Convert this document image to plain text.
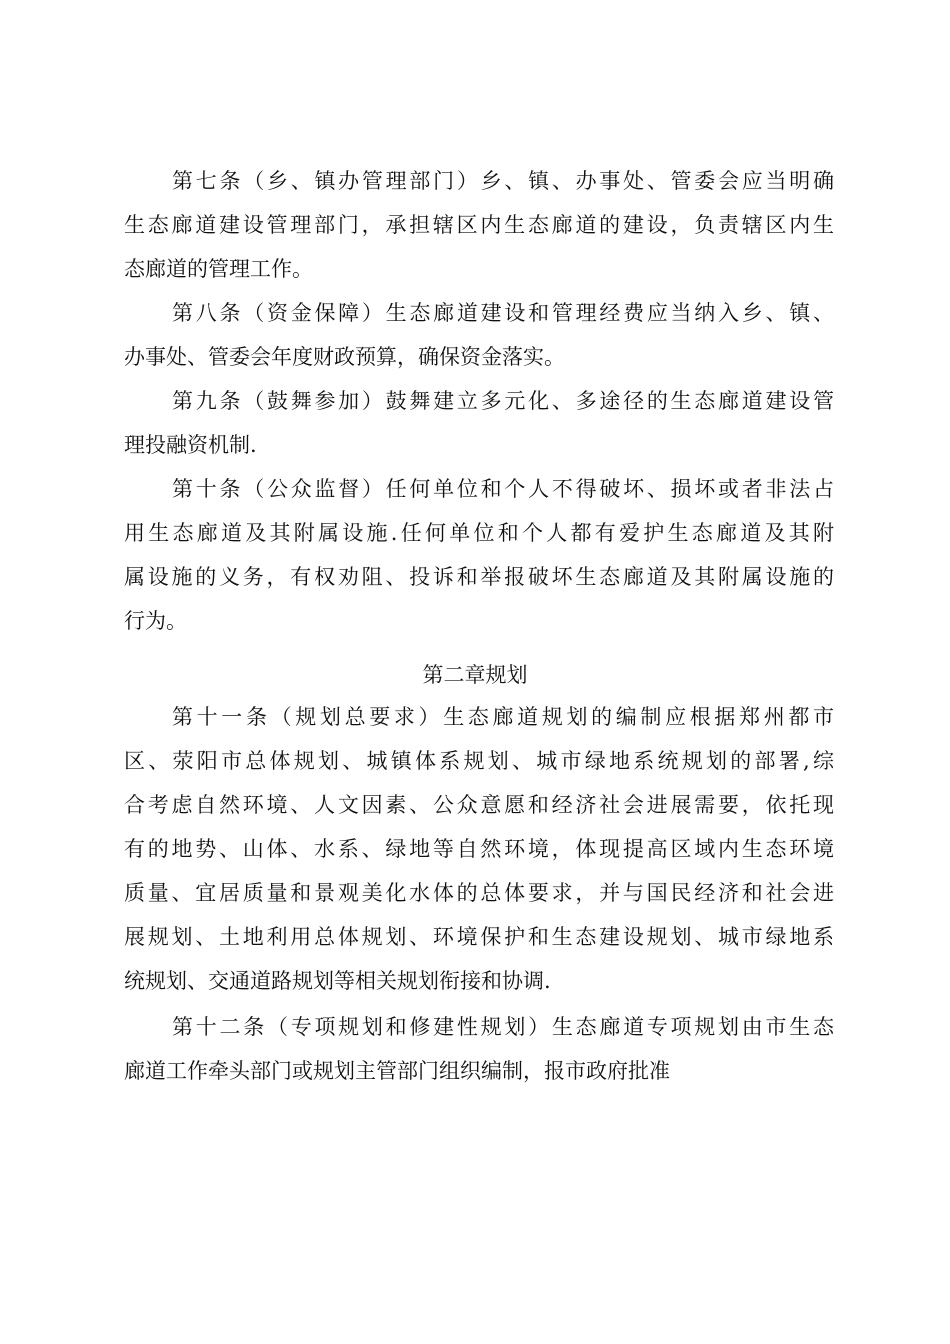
第七条（乡、镇办管理部门）乡、镇、办事处、管委会应当明确
生态廊道建设管理部门，承担辖区内生态廊道的建设，负责辖区内生
态廊道的管理工作。
第八条（资金保障）生态廊道建设和管理经费应当纳入乡、镇、
办事处、管委会年度财政预算，确保资金落实。
第九条（鼓舞参加）鼓舞建立多元化、多途径的生态廊道建设管
理投融资机制.
第十条（公众监督）任何单位和个人不得破坏、损坏或者非法占
用生态廊道及其附属设施.任何单位和个人都有爱护生态廊道及其附
属设施的义务，有权劝阻、投诉和举报破坏生态廊道及其附属设施的
行为。
第二章规划
第十一条（规划总要求）生态廊道规划的编制应根据郑州都市
区、荥阳市总体规划、城镇体系规划、城市绿地系统规划的部署,综
合考虑自然环境、人文因素、公众意愿和经济社会进展需要，依托现
有的地势、山体、水系、绿地等自然环境，体现提高区域内生态环境
质量、宜居质量和景观美化水体的总体要求，并与国民经济和社会进
展规划、土地利用总体规划、环境保护和生态建设规划、城市绿地系
统规划、交通道路规划等相关规划衔接和协调.
第十二条（专项规划和修建性规划）生态廊道专项规划由市生态
廊道工作牵头部门或规划主管部门组织编制，报市政府批准
